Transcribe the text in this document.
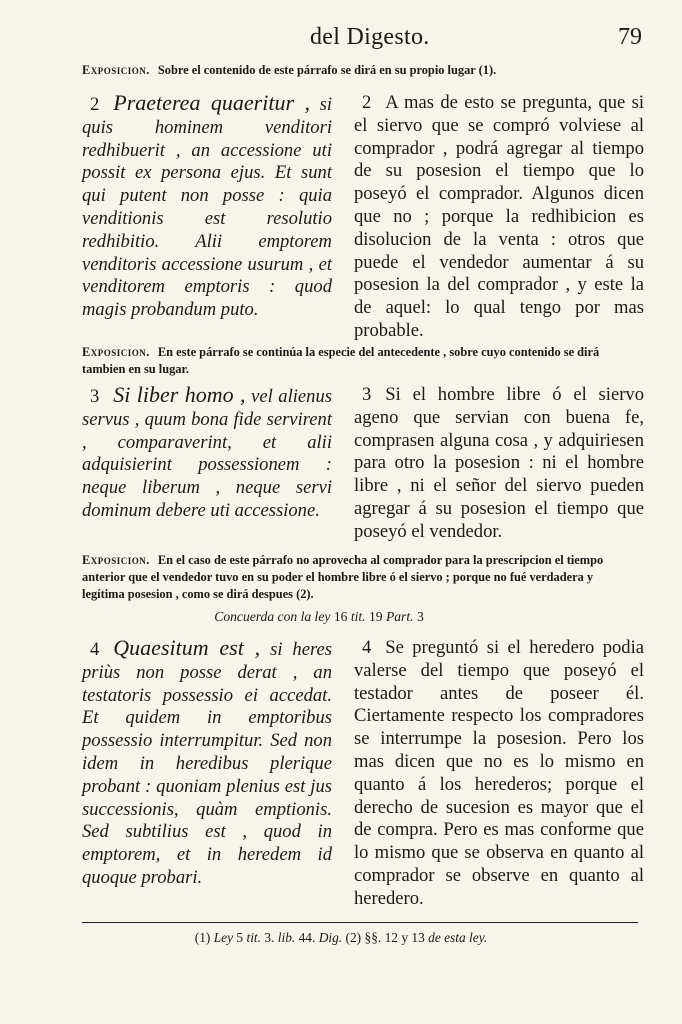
del Digesto.	79
Exposicion. Sobre el contenido de este párrafo se dirá en su propio lugar (1).
2 Praeterea quaeritur , si quis hominem venditori redhibuerit , an accessione uti possit ex persona ejus. Et sunt qui putent non posse : quia venditionis est resolutio redhibitio. Alii emptorem venditoris accessione usurum , et venditorem emptoris : quod magis probandum puto.
2 A mas de esto se pregunta, que si el siervo que se compró volviese al comprador , podrá agregar al tiempo de su posesion el tiempo que lo poseyó el comprador. Algunos dicen que no ; porque la redhibicion es disolucion de la venta : otros que puede el vendedor aumentar á su posesion la del comprador , y este la de aquel: lo qual tengo por mas probable.
Exposicion. En este párrafo se continúa la especie del antecedente , sobre cuyo contenido se dirá tambien en su lugar.
3 Si liber homo , vel alienus servus , quum bona fide servirent , comparaverint, et alii adquisierint possessionem : neque liberum , neque servi dominum debere uti accessione.
3 Si el hombre libre ó el siervo ageno que servian con buena fe, comprasen alguna cosa , y adquiriesen para otro la posesion : ni el hombre libre , ni el señor del siervo pueden agregar á su posesion el tiempo que poseyó el vendedor.
Exposicion. En el caso de este párrafo no aprovecha al comprador para la prescripcion el tiempo anterior que el vendedor tuvo en su poder el hombre libre ó el siervo ; porque no fué verdadera y legítima posesion , como se dirá despues (2).
Concuerda con la ley 16 tit. 19 Part. 3
4 Quaesitum est , si heres priùs non posse derat , an testatoris possessio ei accedat. Et quidem in emptoribus possessio interrumpitur. Sed non idem in heredibus plerique probant : quoniam plenius est jus successionis, quàm emptionis. Sed subtilius est , quod in emptorem, et in heredem id quoque probari.
4 Se preguntó si el heredero podia valerse del tiempo que poseyó el testador antes de poseer él. Ciertamente respecto los compradores se interrumpe la posesion. Pero los mas dicen que no es lo mismo en quanto á los herederos; porque el derecho de sucesion es mayor que el de compra. Pero es mas conforme que lo mismo que se observa en quanto al comprador se observe en quanto al heredero.
(1) Ley 5 tit. 3. lib. 44. Dig. (2) §§. 12 y 13 de esta ley.
